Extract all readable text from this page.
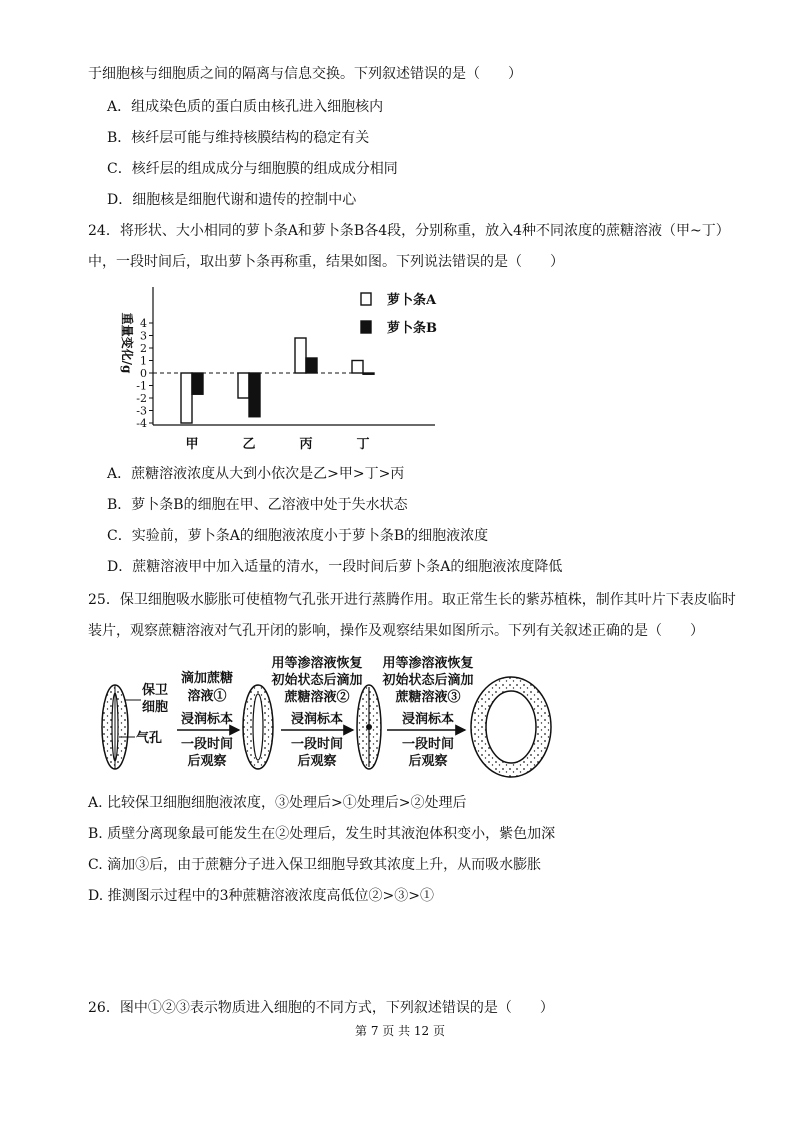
于细胞核与细胞质之间的隔离与信息交换。下列叙述错误的是（　　）
A．组成染色质的蛋白质由核孔进入细胞核内
B．核纤层可能与维持核膜结构的稳定有关
C．核纤层的组成成分与细胞膜的组成成分相同
D．细胞核是细胞代谢和遗传的控制中心
24．将形状、大小相同的萝卜条A和萝卜条B各4段，分别称重，放入4种不同浓度的蔗糖溶液（甲~丁）
中，一段时间后，取出萝卜条再称重，结果如图。下列说法错误的是（　　）
4
3
2
1
0
-1
-2
-3
-4
重量变化/g
甲	乙	丙	丁
萝卜条A
萝卜条B
A．蔗糖溶液浓度从大到小依次是乙>甲>丁>丙
B．萝卜条B的细胞在甲、乙溶液中处于失水状态
C．实验前，萝卜条A的细胞液浓度小于萝卜条B的细胞液浓度
D．蔗糖溶液甲中加入适量的清水，一段时间后萝卜条A的细胞液浓度降低
25．保卫细胞吸水膨胀可使植物气孔张开进行蒸腾作用。取正常生长的紫苏植株，制作其叶片下表皮临时
装片，观察蔗糖溶液对气孔开闭的影响，操作及观察结果如图所示。下列有关叙述正确的是（　　）
保卫
细胞
气孔
滴加蔗糖
溶液①
浸润标本
一段时间
后观察
用等渗溶液恢复
初始状态后滴加
蔗糖溶液②
浸润标本
一段时间
后观察
用等渗溶液恢复
初始状态后滴加
蔗糖溶液③
浸润标本
一段时间
后观察
A. 比较保卫细胞细胞液浓度，③处理后>①处理后>②处理后
B. 质壁分离现象最可能发生在②处理后，发生时其液泡体积变小，紫色加深
C. 滴加③后，由于蔗糖分子进入保卫细胞导致其浓度上升，从而吸水膨胀
D. 推测图示过程中的3种蔗糖溶液浓度高低位②>③>①
26．图中①②③表示物质进入细胞的不同方式，下列叙述错误的是（　　）
第 7 页 共 12 页
